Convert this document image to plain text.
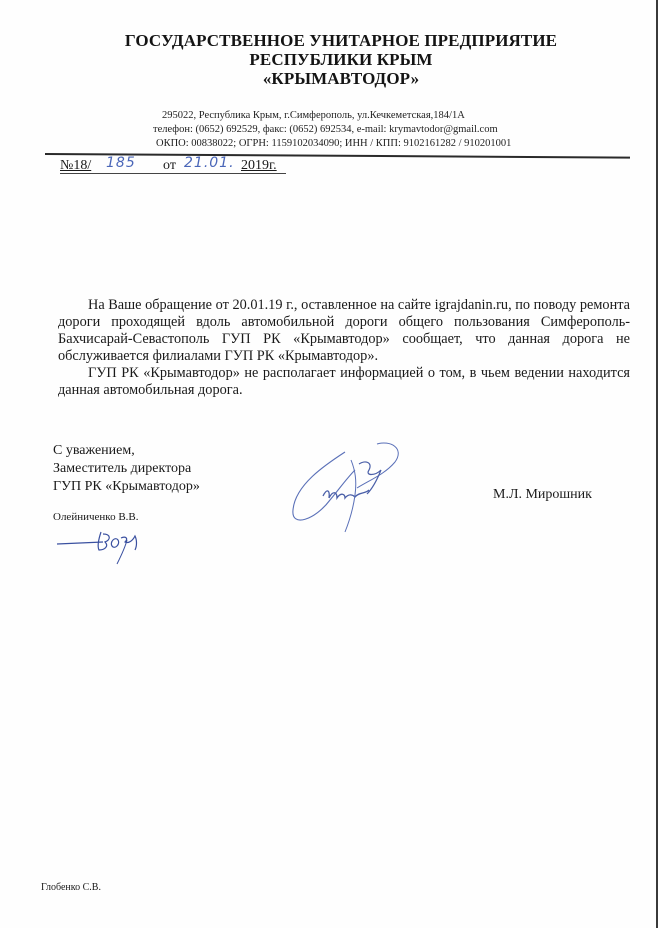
ГОСУДАРСТВЕННОЕ УНИТАРНОЕ ПРЕДПРИЯТИЕ
РЕСПУБЛИКИ КРЫМ
«КРЫМАВТОДОР»
295022, Республика Крым, г.Симферополь, ул.Кечкеметская,184/1А
телефон: (0652) 692529, факс: (0652) 692534, e-mail: krymavtodor@gmail.com
ОКПО: 00838022; ОГРН: 1159102034090; ИНН / КПП: 9102161282 / 910201001
№18/ 185 от 21.01. 2019г.

На Ваше обращение от 20.01.19 г., оставленное на сайте igrajdanin.ru, по поводу ремонта дороги проходящей вдоль автомобильной дороги общего пользования Симферополь-Бахчисарай-Севастополь ГУП РК «Крымавтодор» сообщает, что данная дорога не обслуживается филиалами ГУП РК «Крымавтодор».

ГУП РК «Крымавтодор» не располагает информацией о том, в чьем ведении находится данная автомобильная дорога.

С уважением,
Заместитель директора
ГУП РК «Крымавтодор»
М.Л. Мирошник
Олейниченко В.В.
Глобенко С.В.
